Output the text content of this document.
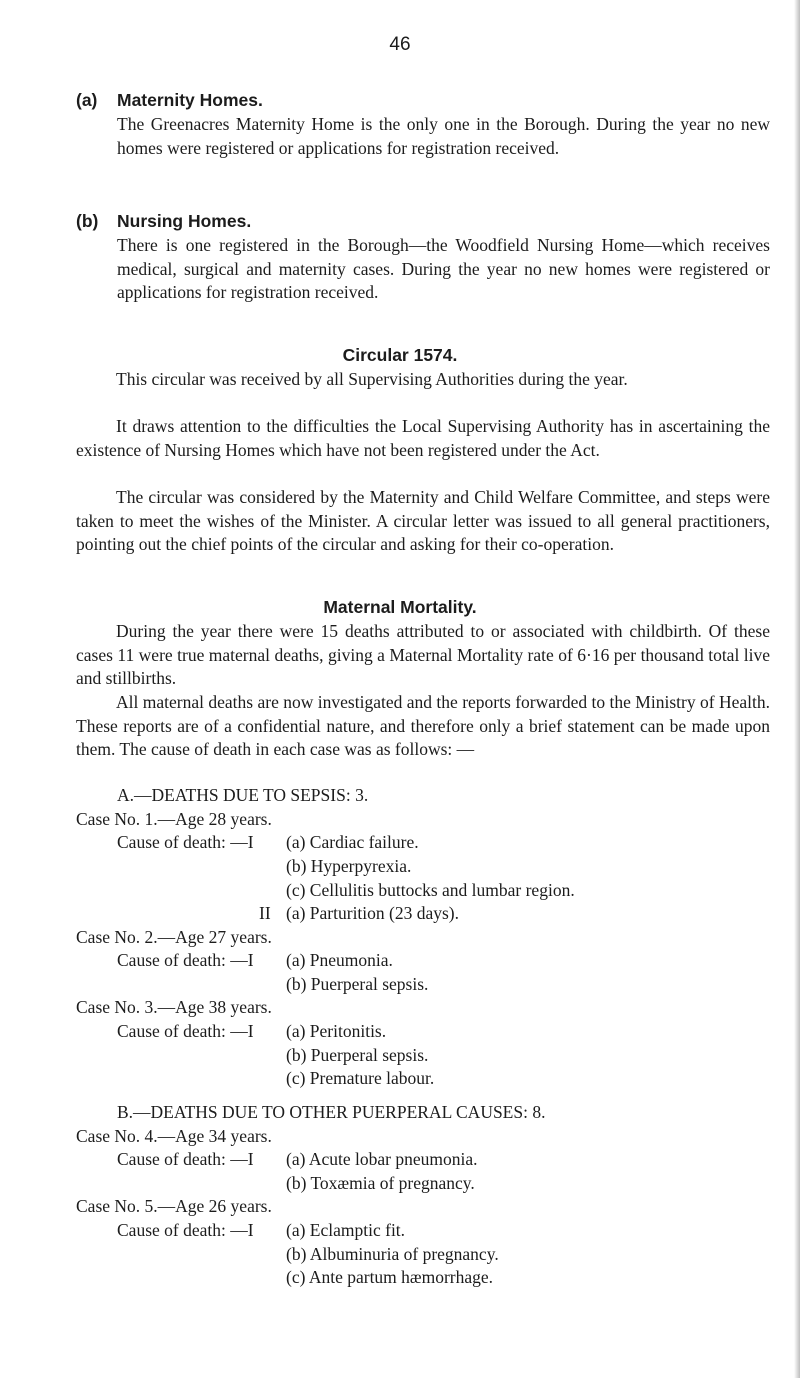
46
(a) Maternity Homes.
The Greenacres Maternity Home is the only one in the Borough. During the year no new homes were registered or applications for registration received.
(b) Nursing Homes.
There is one registered in the Borough—the Woodfield Nursing Home—which receives medical, surgical and maternity cases. During the year no new homes were registered or applications for registration received.
Circular 1574.
This circular was received by all Supervising Authorities during the year.
It draws attention to the difficulties the Local Supervising Authority has in ascertaining the existence of Nursing Homes which have not been registered under the Act.
The circular was considered by the Maternity and Child Welfare Committee, and steps were taken to meet the wishes of the Minister. A circular letter was issued to all general practitioners, pointing out the chief points of the circular and asking for their co-operation.
Maternal Mortality.
During the year there were 15 deaths attributed to or associated with childbirth. Of these cases 11 were true maternal deaths, giving a Maternal Mortality rate of 6·16 per thousand total live and stillbirths.
All maternal deaths are now investigated and the reports forwarded to the Ministry of Health. These reports are of a confidential nature, and therefore only a brief statement can be made upon them. The cause of death in each case was as follows: —
A.—DEATHS DUE TO SEPSIS: 3.
Case No. 1.—Age 28 years.
Cause of death: —I (a) Cardiac failure.
(b) Hyperpyrexia.
(c) Cellulitis buttocks and lumbar region.
II (a) Parturition (23 days).
Case No. 2.—Age 27 years.
Cause of death: —I (a) Pneumonia.
(b) Puerperal sepsis.
Case No. 3.—Age 38 years.
Cause of death: —I (a) Peritonitis.
(b) Puerperal sepsis.
(c) Premature labour.
B.—DEATHS DUE TO OTHER PUERPERAL CAUSES: 8.
Case No. 4.—Age 34 years.
Cause of death: —I (a) Acute lobar pneumonia.
(b) Toxæmia of pregnancy.
Case No. 5.—Age 26 years.
Cause of death: —I (a) Eclamptic fit.
(b) Albuminuria of pregnancy.
(c) Ante partum hæmorrhage.
